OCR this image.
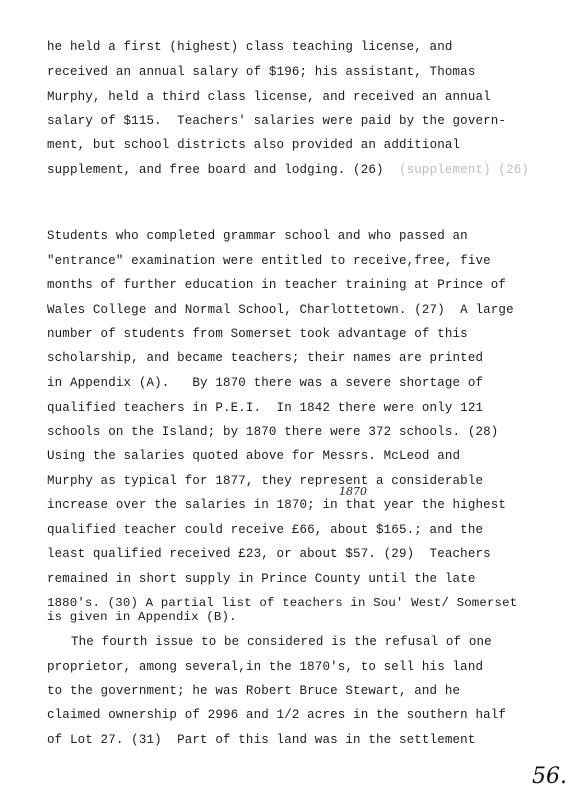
he held a first (highest) class teaching license, and
received an annual salary of $196; his assistant, Thomas
Murphy, held a third class license, and received an annual
salary of $115.  Teachers' salaries were paid by the govern-
ment, but school districts also provided an additional
supplement, and free board and lodging. (26) (supplement) (26)
Students who completed grammar school and who passed an
"entrance" examination were entitled to receive,free, five
months of further education in teacher training at Prince of
Wales College and Normal School, Charlottetown. (27)  A large
number of students from Somerset took advantage of this
scholarship, and became teachers; their names are printed
in Appendix (A).   By 1870 there was a severe shortage of
qualified teachers in P.E.I.  In 1842 there were only 121
schools on the Island; by 1870 there were 372 schools. (28)
Using the salaries quoted above for Messrs. McLeod and
Murphy as typical for 1877, they represent a considerable
1870
increase over the salaries in 1870; in that year the highest
qualified teacher could receive £66, about $165.; and the
least qualified received £23, or about $57. (29)  Teachers
remained in short supply in Prince County until the late
1880's. (30) A partial list of teachers in Sou' West/ Somerset
is given in Appendix (B).
The fourth issue to be considered is the refusal of one
proprietor, among several,in the 1870's, to sell his land
to the government; he was Robert Bruce Stewart, and he
claimed ownership of 2996 and 1/2 acres in the southern half
of Lot 27. (31)  Part of this land was in the settlement
56.
